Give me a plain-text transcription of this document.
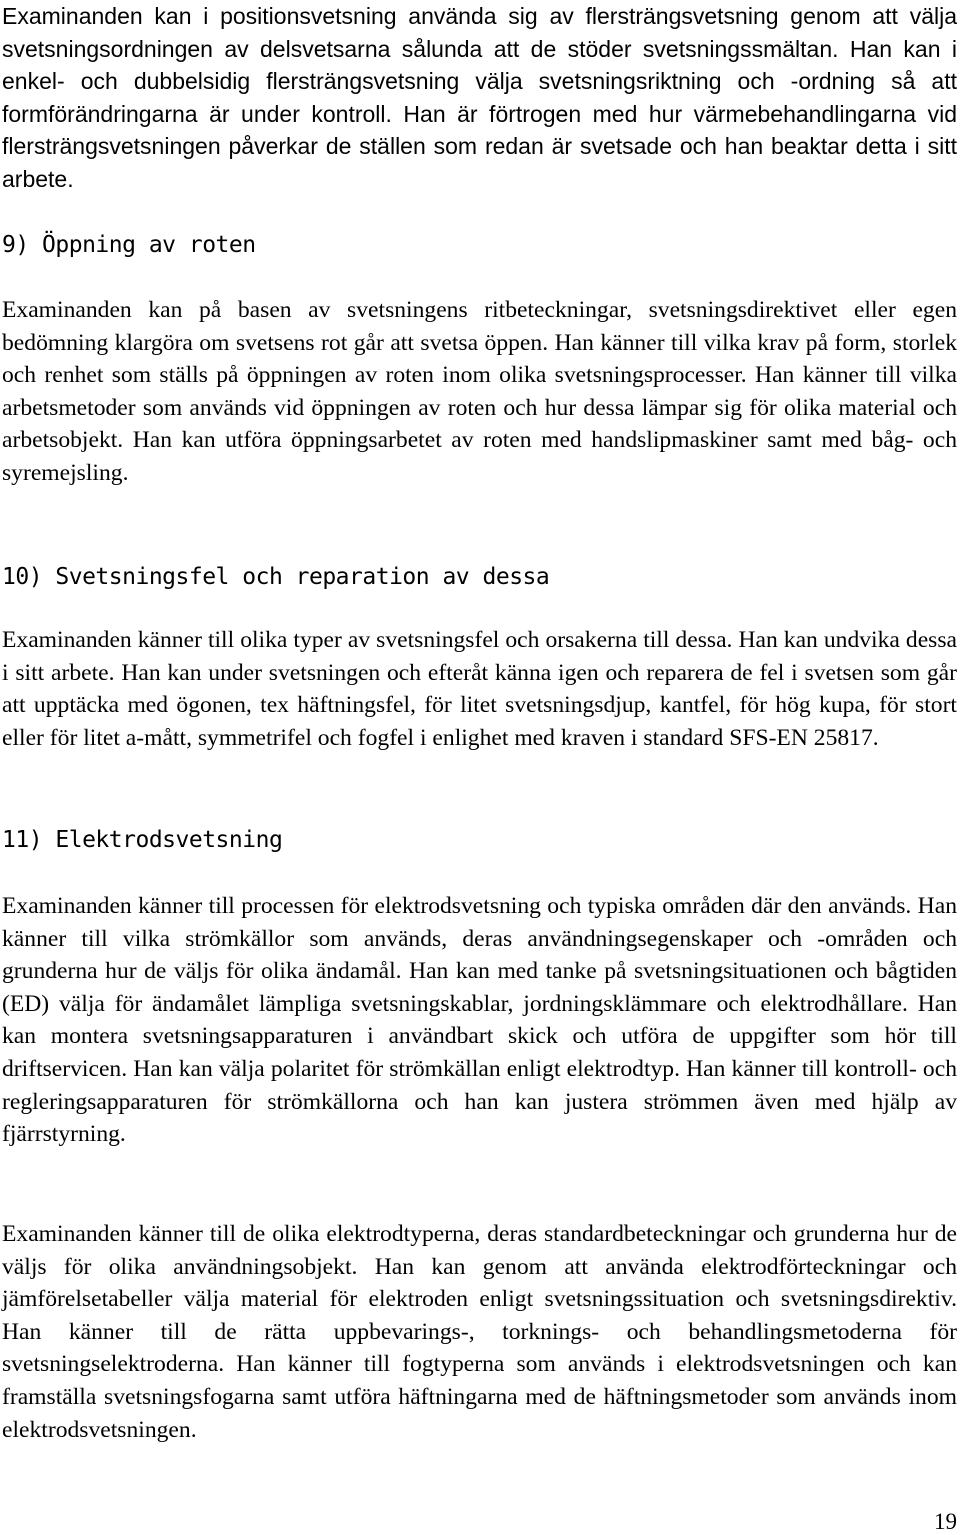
Examinanden kan i positionsvetsning använda sig av flersträngsvetsning genom att välja svetsningsordningen av delsvetsarna sålunda att de stöder svetsningssmältan. Han kan i enkel- och dubbelsidig flersträngsvetsning välja svetsningsriktning och -ordning så att formförändringarna är under kontroll. Han är förtrogen med hur värmebehandlingarna vid flersträngsvetsningen påverkar de ställen som redan är svetsade och han beaktar detta i sitt arbete.

9) Öppning av roten

Examinanden kan på basen av svetsningens ritbeteckningar, svetsningsdirektivet eller egen bedömning klargöra om svetsens rot går att svetsa öppen. Han känner till vilka krav på form, storlek och renhet som ställs på öppningen av roten inom olika svetsningsprocesser. Han känner till vilka arbetsmetoder som används vid öppningen av roten och hur dessa lämpar sig för olika material och arbetsobjekt. Han kan utföra öppningsarbetet av roten med handslipmaskiner samt med båg- och syremejsling.

10) Svetsningsfel och reparation av dessa

Examinanden känner till olika typer av svetsningsfel och orsakerna till dessa. Han kan undvika dessa i sitt arbete. Han kan under svetsningen och efteråt känna igen och reparera de fel i svetsen som går att upptäcka med ögonen, tex häftningsfel, för litet svetsningsdjup, kantfel, för hög kupa, för stort eller för litet a-mått, symmetrifel och fogfel i enlighet med kraven i standard SFS-EN 25817.

11) Elektrodsvetsning

Examinanden känner till processen för elektrodsvetsning och typiska områden där den används. Han känner till vilka strömkällor som används, deras användningsegenskaper och -områden och grunderna hur de väljs för olika ändamål. Han kan med tanke på svetsningsituationen och bågtiden (ED) välja för ändamålet lämpliga svetsningskablar, jordningsklämmare och elektrodhållare. Han kan montera svetsningsapparaturen i användbart skick och utföra de uppgifter som hör till driftservicen. Han kan välja polaritet för strömkällan enligt elektrodtyp. Han känner till kontroll- och regleringsapparaturen för strömkällorna och han kan justera strömmen även med hjälp av fjärrstyrning.

Examinanden känner till de olika elektrodtyperna, deras standardbeteckningar och grunderna hur de väljs för olika användningsobjekt. Han kan genom att använda elektrodförteckningar och jämförelsetabeller välja material för elektroden enligt svetsningssituation och svetsningsdirektiv. Han känner till de rätta uppbevarings-, torknings- och behandlingsmetoderna för svetsningselektroderna. Han känner till fogtyperna som används i elektrodsvetsningen och kan framställa svetsningsfogarna samt utföra häftningarna med de häftningsmetoder som används inom elektrodsvetsningen.

19
